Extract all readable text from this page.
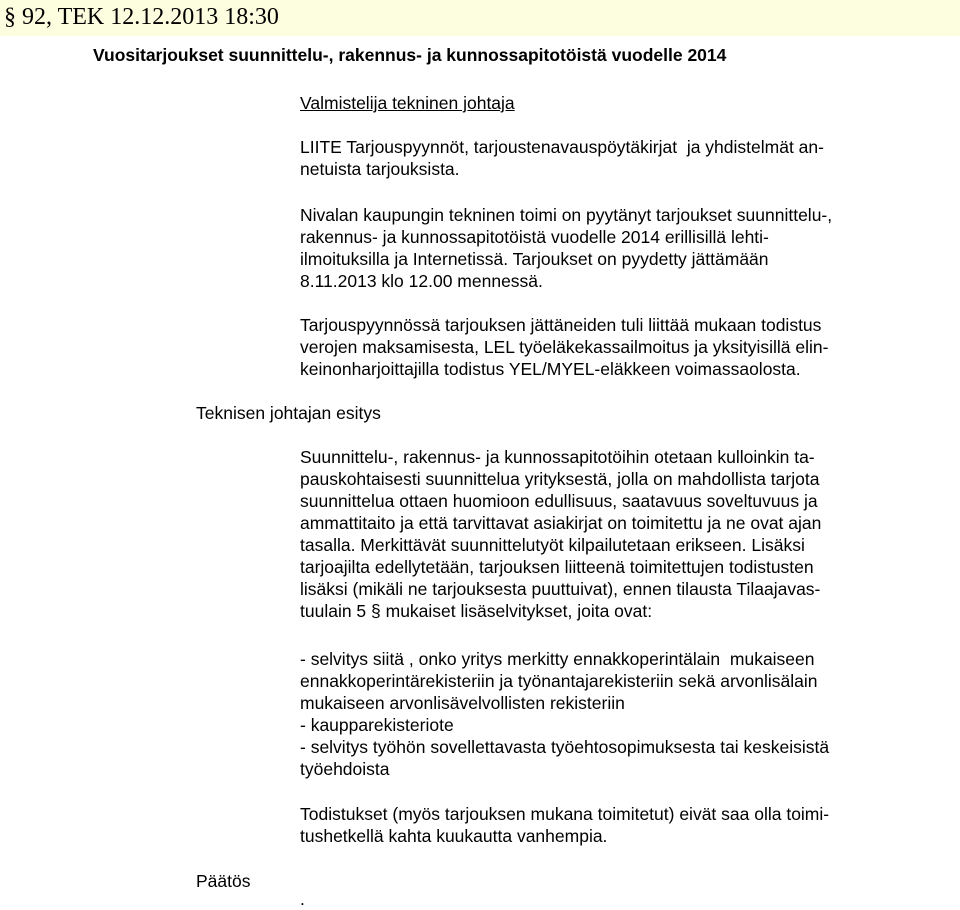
§ 92, TEK 12.12.2013 18:30
Vuositarjoukset suunnittelu-, rakennus- ja kunnossapitotöistä vuodelle 2014
Valmistelija tekninen johtaja
LIITE Tarjouspyynnöt, tarjoustenavauspöytäkirjat  ja yhdistelmät an-
netuista tarjouksista.
Nivalan kaupungin tekninen toimi on pyytänyt tarjoukset suunnittelu-,
rakennus- ja kunnossapitotöistä vuodelle 2014 erillisillä lehti-
ilmoituksilla ja Internetissä. Tarjoukset on pyydetty jättämään
8.11.2013 klo 12.00 mennessä.
Tarjouspyynnössä tarjouksen jättäneiden tuli liittää mukaan todistus
verojen maksamisesta, LEL työeläkekassailmoitus ja yksityisillä elin-
keinonharjoittajilla todistus YEL/MYEL-eläkkeen voimassaolosta.
Teknisen johtajan esitys
Suunnittelu-, rakennus- ja kunnossapitotöihin otetaan kulloinkin ta-
pauskohtaisesti suunnittelua yrityksestä, jolla on mahdollista tarjota
suunnittelua ottaen huomioon edullisuus, saatavuus soveltuvuus ja
ammattitaito ja että tarvittavat asiakirjat on toimitettu ja ne ovat ajan
tasalla. Merkittävät suunnittelutyöt kilpailutetaan erikseen. Lisäksi
tarjoajilta edellytetään, tarjouksen liitteenä toimitettujen todistusten
lisäksi (mikäli ne tarjouksesta puuttuivat), ennen tilausta Tilaajavas-
tuulain 5 § mukaiset lisäselvitykset, joita ovat:
- selvitys siitä , onko yritys merkitty ennakkoperintälain  mukaiseen
ennakkoperintärekisteriin ja työnantajarekisteriin sekä arvonlisälain
mukaiseen arvonlisävelvollisten rekisteriin
- kaupparekisteriote
- selvitys työhön sovellettavasta työehtosopimuksesta tai keskeisistä
työehdoista
Todistukset (myös tarjouksen mukana toimitetut) eivät saa olla toimi-
tushetkellä kahta kuukautta vanhempia.
Päätös
.
